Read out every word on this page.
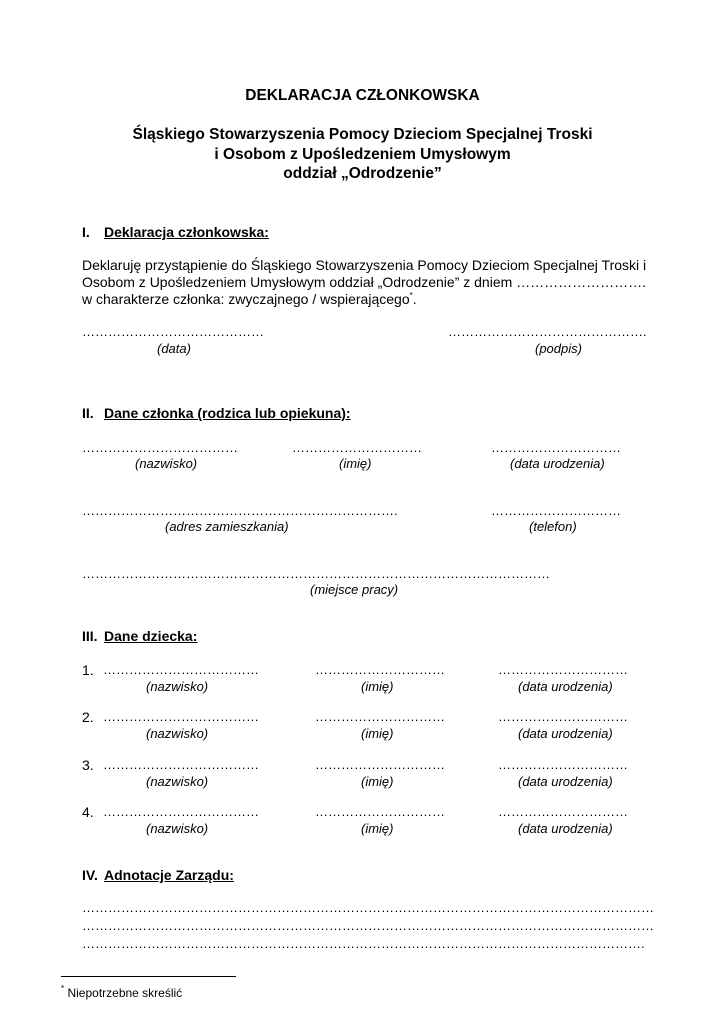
DEKLARACJA CZŁONKOWSKA
Śląskiego Stowarzyszenia Pomocy Dzieciom Specjalnej Troski
i Osobom z Upośledzeniem Umysłowym
oddział „Odrodzenie”
I. Deklaracja członkowska:
Deklaruję przystąpienie do Śląskiego Stowarzyszenia Pomocy Dzieciom Specjalnej Troski i
Osobom z Upośledzeniem Umysłowym oddział „Odrodzenie” z dniem ……………………….
w charakterze członka: zwyczajnego / wspierającego*.
……………………………………	……………………………………….
(data)	(podpis)
II. Dane członka (rodzica lub opiekuna):
………………………………	…………………………	…………………………
(nazwisko)	(imię)	(data urodzenia)
……………………………………………………………….	…………………………
(adres zamieszkania)	(telefon)
………………………………………………………………………………………………
(miejsce pracy)
III. Dane dziecka:
1. ………………………………	…………………………	…………………………
(nazwisko)	(imię)	(data urodzenia)
2. ………………………………	…………………………	…………………………
(nazwisko)	(imię)	(data urodzenia)
3. ………………………………	…………………………	…………………………
(nazwisko)	(imię)	(data urodzenia)
4. ………………………………	…………………………	…………………………
(nazwisko)	(imię)	(data urodzenia)
IV. Adnotacje Zarządu:
……………………………………………………………………………………………………………………
……………………………………………………………………………………………………………………
………………………………………………………………………………………………………………….
* Niepotrzebne skreślić
